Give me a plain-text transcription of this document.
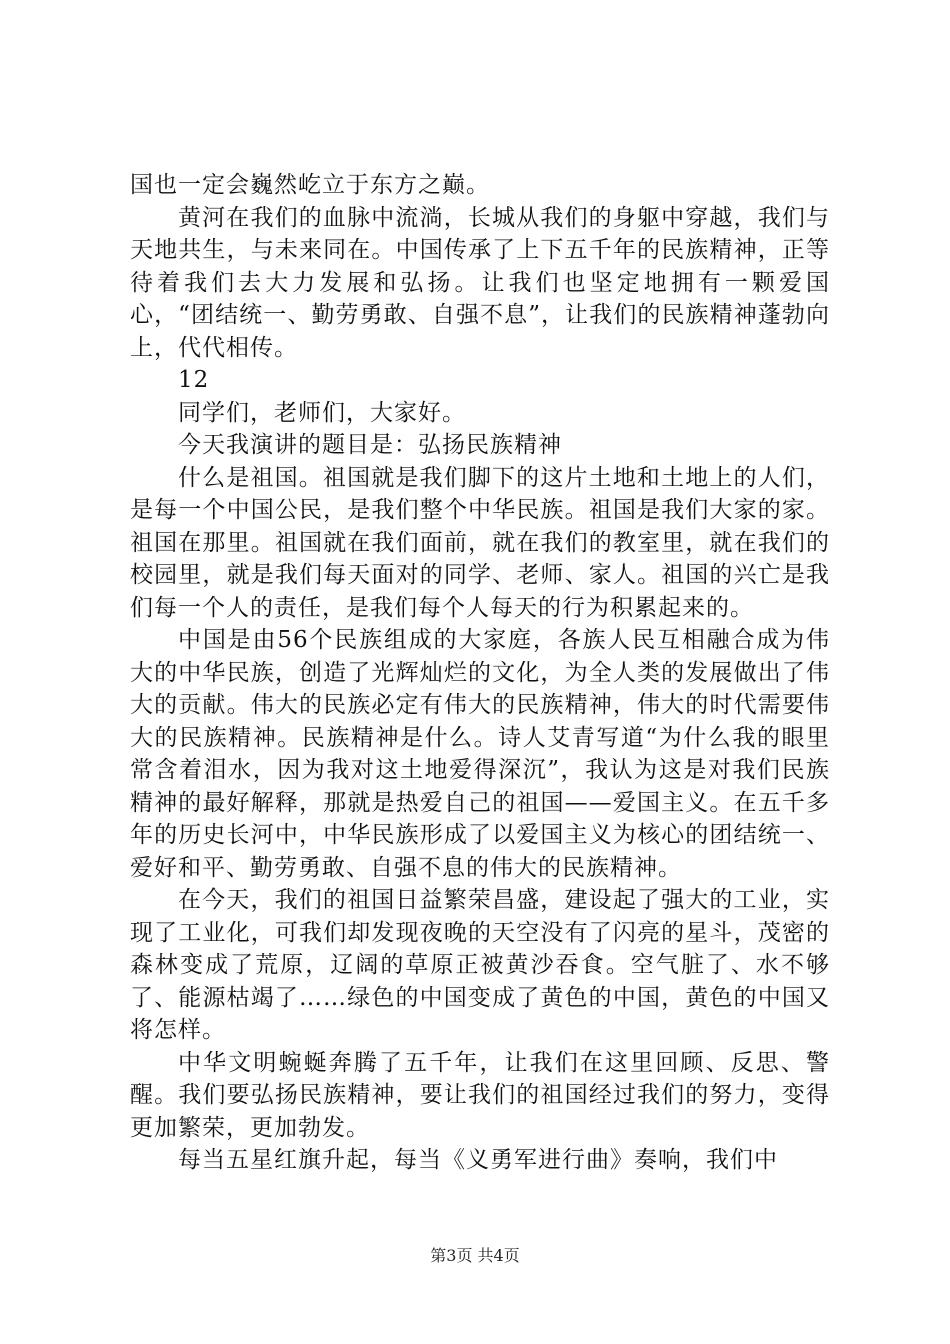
国也一定会巍然屹立于东方之巅。

黄河在我们的血脉中流淌，长城从我们的身躯中穿越，我们与天地共生，与未来同在。中国传承了上下五千年的民族精神，正等待着我们去大力发展和弘扬。让我们也坚定地拥有一颗爱国心，“团结统一、勤劳勇敢、自强不息”，让我们的民族精神蓬勃向上，代代相传。

12

同学们，老师们，大家好。

今天我演讲的题目是：弘扬民族精神

什么是祖国。祖国就是我们脚下的这片土地和土地上的人们，是每一个中国公民，是我们整个中华民族。祖国是我们大家的家。祖国在那里。祖国就在我们面前，就在我们的教室里，就在我们的校园里，就是我们每天面对的同学、老师、家人。祖国的兴亡是我们每一个人的责任，是我们每个人每天的行为积累起来的。

中国是由56个民族组成的大家庭，各族人民互相融合成为伟大的中华民族，创造了光辉灿烂的文化，为全人类的发展做出了伟大的贡献。伟大的民族必定有伟大的民族精神，伟大的时代需要伟大的民族精神。民族精神是什么。诗人艾青写道“为什么我的眼里常含着泪水，因为我对这土地爱得深沉”，我认为这是对我们民族精神的最好解释，那就是热爱自己的祖国——爱国主义。在五千多年的历史长河中，中华民族形成了以爱国主义为核心的团结统一、爱好和平、勤劳勇敢、自强不息的伟大的民族精神。

在今天，我们的祖国日益繁荣昌盛，建设起了强大的工业，实现了工业化，可我们却发现夜晚的天空没有了闪亮的星斗，茂密的森林变成了荒原，辽阔的草原正被黄沙吞食。空气脏了、水不够了、能源枯竭了……绿色的中国变成了黄色的中国，黄色的中国又将怎样。

中华文明蜿蜒奔腾了五千年，让我们在这里回顾、反思、警醒。我们要弘扬民族精神，要让我们的祖国经过我们的努力，变得更加繁荣，更加勃发。

每当五星红旗升起，每当《义勇军进行曲》奏响，我们中

第3页 共4页
